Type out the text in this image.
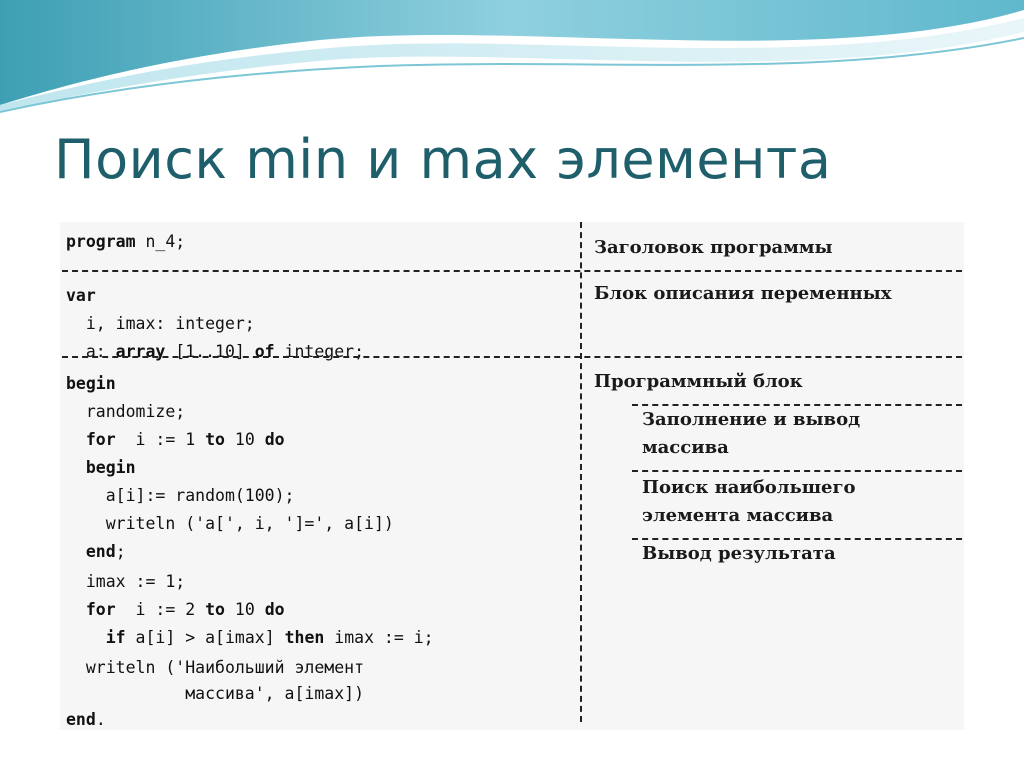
Поиск min и max элемента
program n_4;
var
i, imax: integer;
a: array [1..10] of integer;
begin
randomize;
for  i := 1 to 10 do
begin
a[i]:= random(100);
writeln ('a[', i, ']=', a[i])
end;
imax := 1;
for  i := 2 to 10 do
if a[i] > a[imax] then imax := i;
writeln ('Наибольший элемент
массива', a[imax])
end.
Заголовок программы
Блок описания переменных
Программный блок
Заполнение и вывод
массива
Поиск наибольшего
элемента массива
Вывод результата
